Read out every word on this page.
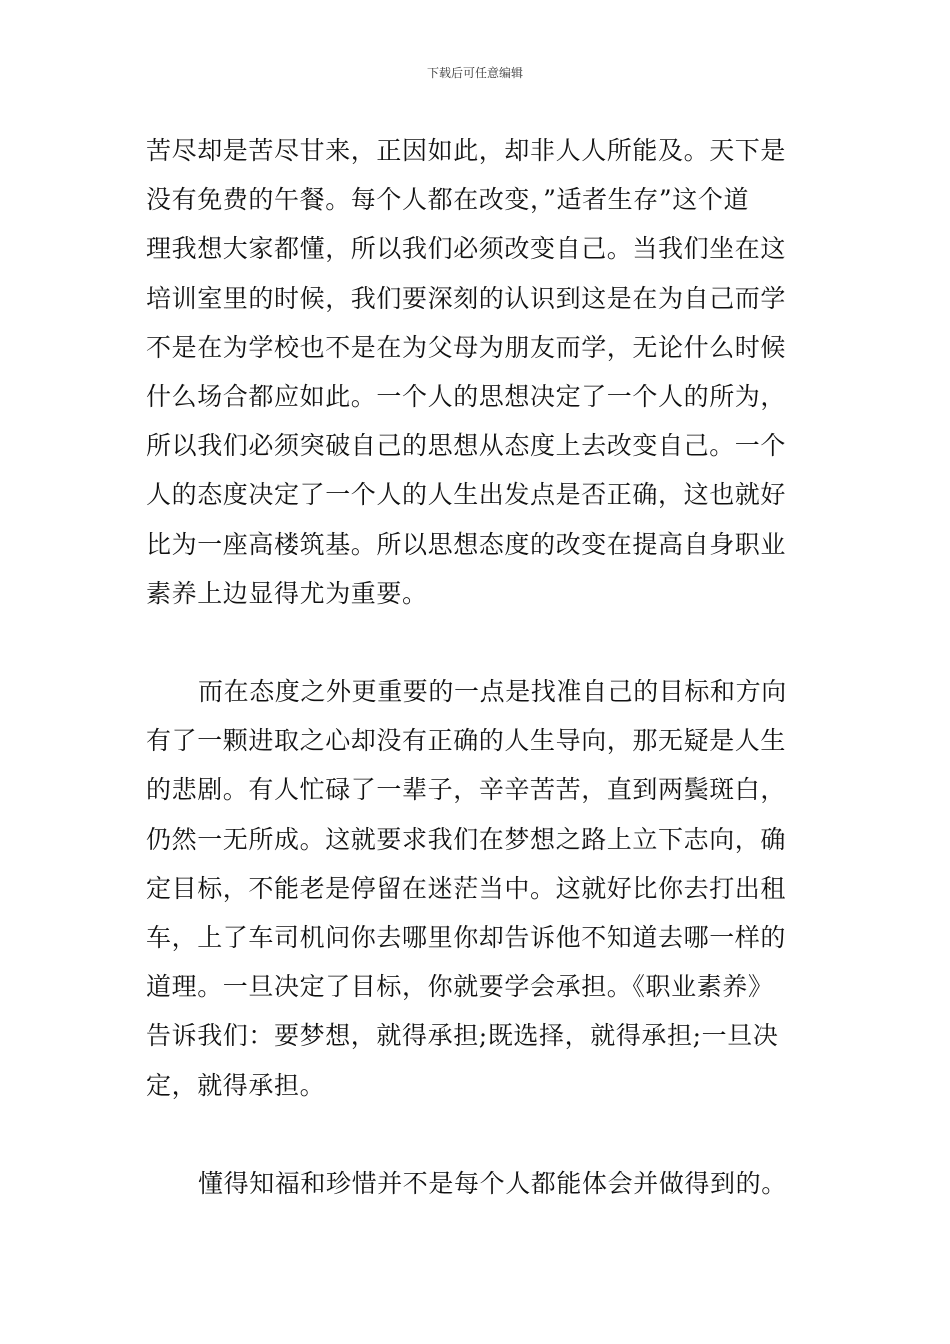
下载后可任意编辑
苦尽却是苦尽甘来，正因如此，却非人人所能及。天下是
没有免费的午餐。每个人都在改变，”适者生存”这个道
理我想大家都懂，所以我们必须改变自己。当我们坐在这
培训室里的时候，我们要深刻的认识到这是在为自己而学
不是在为学校也不是在为父母为朋友而学，无论什么时候
什么场合都应如此。一个人的思想决定了一个人的所为，
所以我们必须突破自己的思想从态度上去改变自己。一个
人的态度决定了一个人的人生出发点是否正确，这也就好
比为一座高楼筑基。所以思想态度的改变在提高自身职业
素养上边显得尤为重要。
而在态度之外更重要的一点是找准自己的目标和方向
有了一颗进取之心却没有正确的人生导向，那无疑是人生
的悲剧。有人忙碌了一辈子，辛辛苦苦，直到两鬓斑白，
仍然一无所成。这就要求我们在梦想之路上立下志向，确
定目标，不能老是停留在迷茫当中。这就好比你去打出租
车，上了车司机问你去哪里你却告诉他不知道去哪一样的
道理。一旦决定了目标，你就要学会承担。《职业素养》
告诉我们：要梦想，就得承担;既选择，就得承担;一旦决
定，就得承担。
懂得知福和珍惜并不是每个人都能体会并做得到的。
